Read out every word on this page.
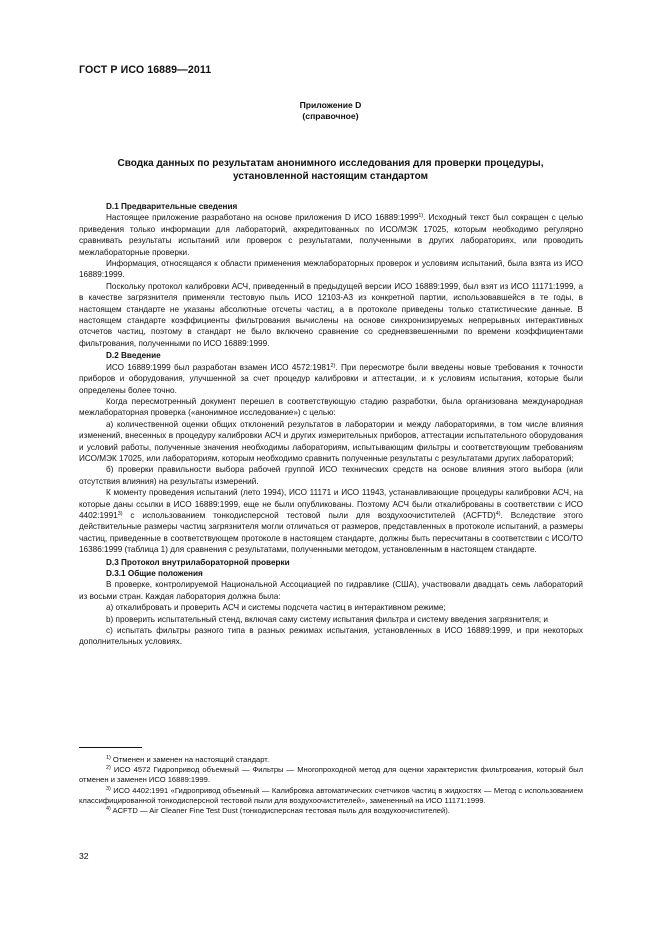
ГОСТ Р ИСО 16889—2011
Приложение D
(справочное)
Сводка данных по результатам анонимного исследования для проверки процедуры, установленной настоящим стандартом
D.1 Предварительные сведения

Настоящее приложение разработано на основе приложения D ИСО 16889:1999$^{1)}$. Исходный текст был сокращен с целью приведения только информации для лабораторий, аккредитованных по ИСО/МЭК 17025, которым необходимо регулярно сравнивать результаты испытаний или проверок с результатами, полученными в других лабораториях, или проводить межлабораторные проверки.

Информация, относящаяся к области применения межлабораторных проверок и условиям испытаний, была взята из ИСО 16889:1999.

Поскольку протокол калибровки АСЧ, приведенный в предыдущей версии ИСО 16889:1999, был взят из ИСО 11171:1999, а в качестве загрязнителя применяли тестовую пыль ИСО 12103-А3 из конкретной партии, использовавшейся в те годы, в настоящем стандарте не указаны абсолютные отсчеты частиц, а в протоколе приведены только статистические данные. В настоящем стандарте коэффициенты фильтрования вычислены на основе синхронизируемых непрерывных интерактивных отсчетов частиц, поэтому в стандарт не было включено сравнение со средневзвешенными по времени коэффициентами фильтрования, полученными по ИСО 16889:1999.

D.2 Введение

ИСО 16889:1999 был разработан взамен ИСО 4572:1981$^{2)}$. При пересмотре были введены новые требования к точности приборов и оборудования, улучшенной за счет процедур калибровки и аттестации, и к условиям испытания, которые были определены более точно.

Когда пересмотренный документ перешел в соответствующую стадию разработки, была организована международная межлабораторная проверка («анонимное исследование») с целью:

а) количественной оценки общих отклонений результатов в лаборатории и между лабораториями, в том числе влияния изменений, внесенных в процедуру калибровки АСЧ и других измерительных приборов, аттестации испытательного оборудования и условий работы, полученные значения необходимы лабораториям, испытывающим фильтры и соответствующим требованиям ИСО/МЭК 17025, или лабораториям, которым необходимо сравнить полученные результаты с результатами других лабораторий;

б) проверки правильности выбора рабочей группой ИСО технических средств на основе влияния этого выбора (или отсутствия влияния) на результаты измерений.

К моменту проведения испытаний (лето 1994), ИСО 11171 и ИСО 11943, устанавливающие процедуры калибровки АСЧ, на которые даны ссылки в ИСО 16889:1999, еще не были опубликованы. Поэтому АСЧ были откалиброваны в соответствии с ИСО 4402:1991$^{3)}$ с использованием тонкодисперсной тестовой пыли для воздухоочистителей (ACFTD)$^{4)}$. Вследствие этого действительные размеры частиц загрязнителя могли отличаться от размеров, представленных в протоколе испытаний, а размеры частиц, приведенные в соответствующем протоколе в настоящем стандарте, должны быть пересчитаны в соответствии с ИСО/ТО 16386:1999 (таблица 1) для сравнения с результатами, полученными методом, установленным в настоящем стандарте.

D.3 Протокол внутрилабораторной проверки
D.3.1 Общие положения

В проверке, контролируемой Национальной Ассоциацией по гидравлике (США), участвовали двадцать семь лабораторий из восьми стран. Каждая лаборатория должна была:

а) откалибровать и проверить АСЧ и системы подсчета частиц в интерактивном режиме;

b) проверить испытательный стенд, включая саму систему испытания фильтра и систему введения загрязнителя; и

с) испытать фильтры разного типа в разных режимах испытания, установленных в ИСО 16889:1999, и при некоторых дополнительных условиях.

$^{1)}$ Отменен и заменен на настоящий стандарт.

$^{2)}$ ИСО 4572 Гидропривод объемный — Фильтры — Многопроходной метод для оценки характеристик фильтрования, который был отменен и заменен ИСО 16889:1999.

$^{3)}$ ИСО 4402:1991 «Гидропривод объемный — Калибровка автоматических счетчиков частиц в жидкостях — Метод с использованием классифицированной тонкодисперсной тестовой пыли для воздухоочистителей», замененный на ИСО 11171:1999.

$^{4)}$ ACFTD — Air Cleaner Fine Test Dust (тонкодисперсная тестовая пыль для воздухоочистителей).

32
